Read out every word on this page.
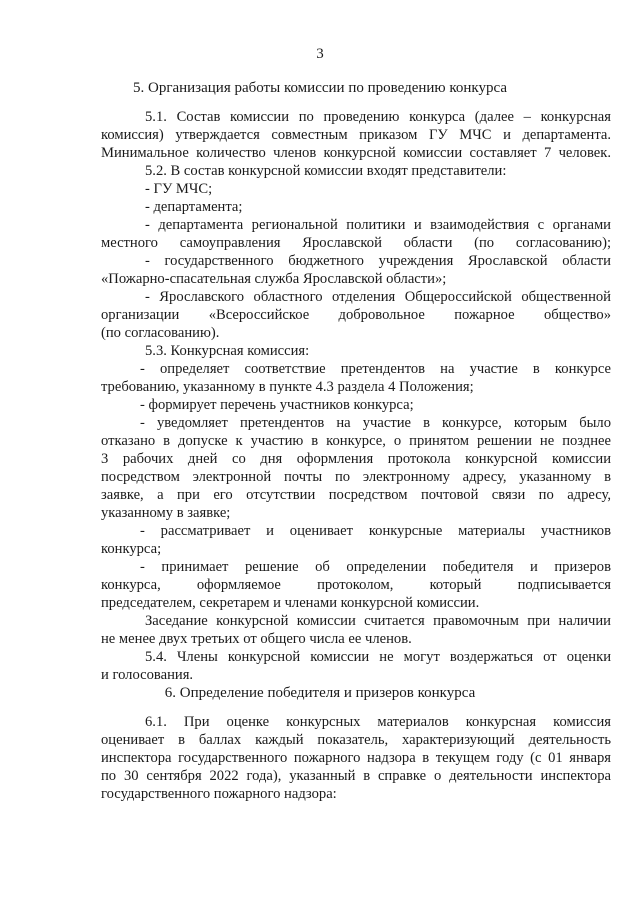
3
5. Организация работы комиссии по проведению конкурса
5.1. Состав комиссии по проведению конкурса (далее – конкурсная
комиссия) утверждается совместным приказом ГУ МЧС и департамента.
Минимальное количество членов конкурсной комиссии составляет 7 человек.
5.2. В состав конкурсной комиссии входят представители:
- ГУ МЧС;
- департамента;
- департамента региональной политики и взаимодействия с органами
местного самоуправления Ярославской области (по согласованию);
- государственного бюджетного учреждения Ярославской области
«Пожарно-спасательная служба Ярославской области»;
- Ярославского областного отделения Общероссийской общественной
организации «Всероссийское добровольное пожарное общество»
(по согласованию).
5.3. Конкурсная комиссия:
- определяет соответствие претендентов на участие в конкурсе
требованию, указанному в пункте 4.3 раздела 4 Положения;
- формирует перечень участников конкурса;
- уведомляет претендентов на участие в конкурсе, которым было
отказано в допуске к участию в конкурсе, о принятом решении не позднее
3 рабочих дней со дня оформления протокола конкурсной комиссии
посредством электронной почты по электронному адресу, указанному в
заявке, а при его отсутствии посредством почтовой связи по адресу,
указанному в заявке;
- рассматривает и оценивает конкурсные материалы участников
конкурса;
- принимает решение об определении победителя и призеров
конкурса, оформляемое протоколом, который подписывается
председателем, секретарем и членами конкурсной комиссии.
Заседание конкурсной комиссии считается правомочным при наличии
не менее двух третьих от общего числа ее членов.
5.4. Члены конкурсной комиссии не могут воздержаться от оценки
и голосования.
6. Определение победителя и призеров конкурса
6.1. При оценке конкурсных материалов конкурсная комиссия
оценивает в баллах каждый показатель, характеризующий деятельность
инспектора государственного пожарного надзора в текущем году (с 01 января
по 30 сентября 2022 года), указанный в справке о деятельности инспектора
государственного пожарного надзора:
